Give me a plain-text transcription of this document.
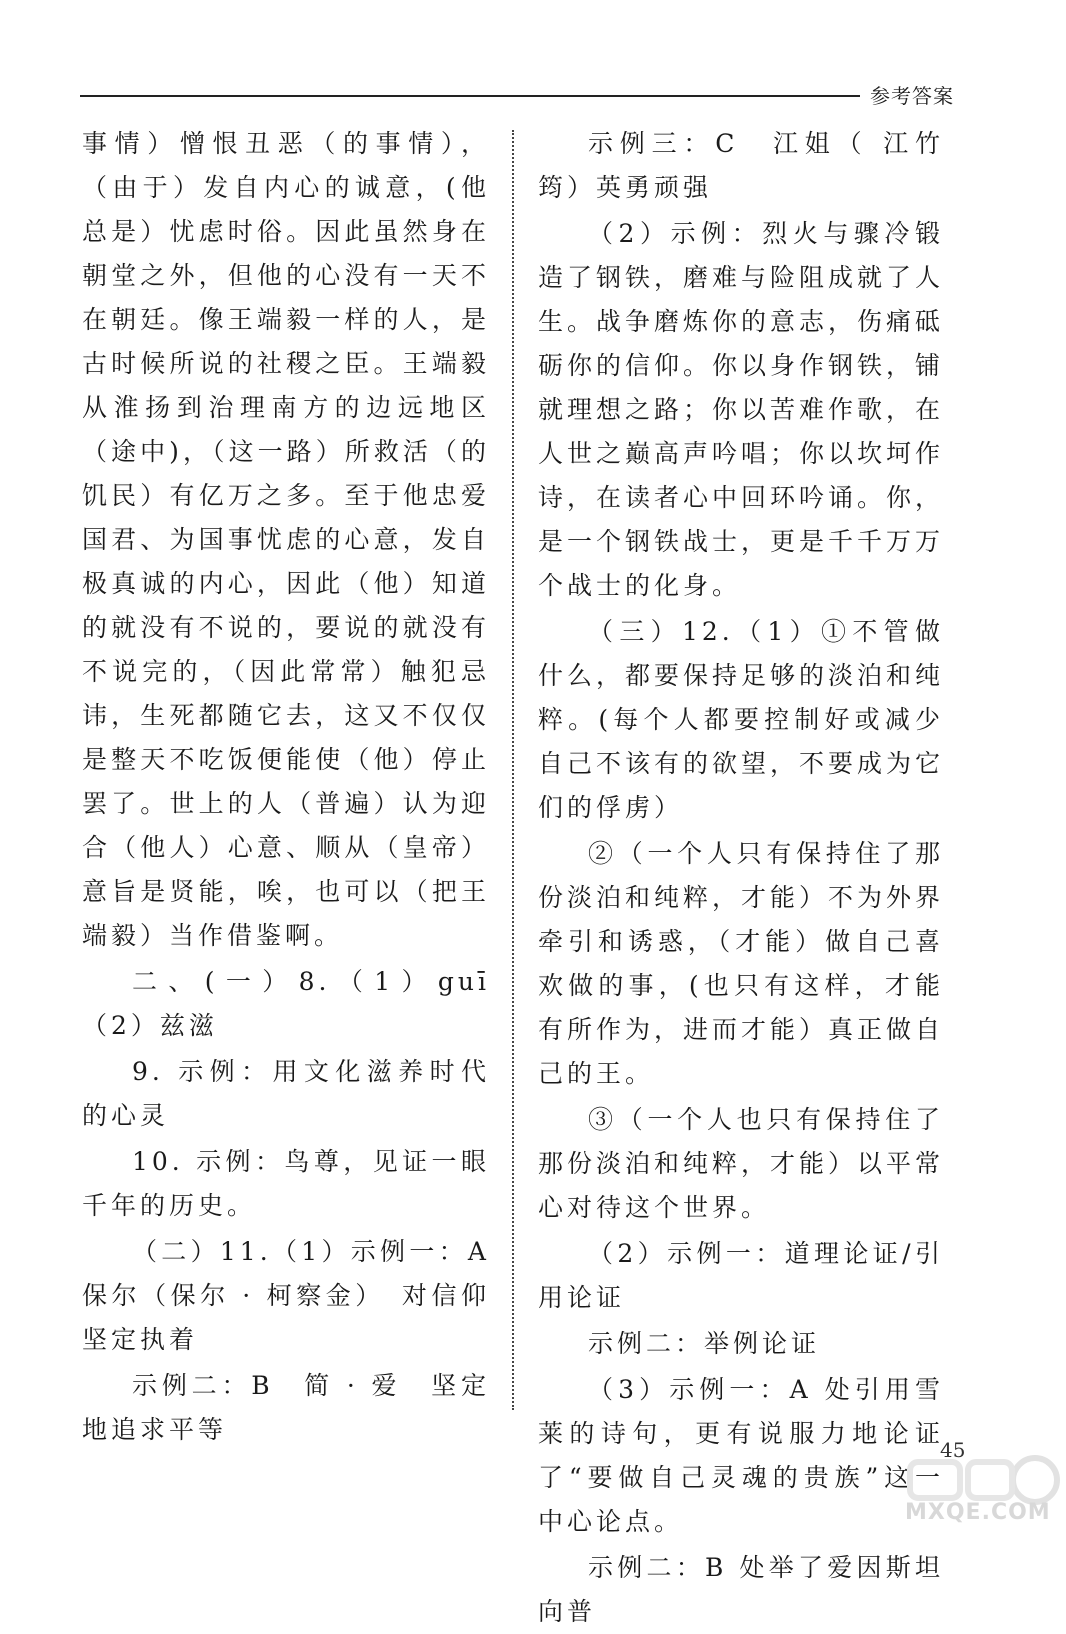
参考答案

事情）憎恨丑恶（的事情），（由于）发自内心的诚意，(他总是）忧虑时俗。因此虽然身在朝堂之外，但他的心没有一天不在朝廷。像王端毅一样的人，是古时候所说的社稷之臣。王端毅从淮扬到治理南方的边远地区（途中)，（这一路）所救活（的饥民）有亿万之多。至于他忠爱国君、为国事忧虑的心意，发自极真诚的内心，因此（他）知道的就没有不说的，要说的就没有不说完的，（因此常常）触犯忌讳，生死都随它去，这又不仅仅是整天不吃饭便能使（他）停止罢了。世上的人（普遍）认为迎合（他人）心意、顺从（皇帝）意旨是贤能，唉，也可以（把王端毅）当作借鉴啊。

二、(一）8.（1）guī　（2）兹滋

9. 示例：用文化滋养时代的心灵

10. 示例：鸟尊，见证一眼千年的历史。

（二）11.（1）示例一：A　保尔（保尔 · 柯察金）　对信仰坚定执着

示例二：B　简 · 爱　坚定地追求平等

示例三：C　江姐（ 江竹筠）英勇顽强

（2）示例：烈火与骤冷锻造了钢铁，磨难与险阻成就了人生。战争磨炼你的意志，伤痛砥砺你的信仰。你以身作钢铁，铺就理想之路；你以苦难作歌，在人世之巅高声吟唱；你以坎坷作诗，在读者心中回环吟诵。你，是一个钢铁战士，更是千千万万个战士的化身。

（三）12.（1）①不管做什么，都要保持足够的淡泊和纯粹。(每个人都要控制好或减少自己不该有的欲望，不要成为它们的俘虏）

②（一个人只有保持住了那份淡泊和纯粹，才能）不为外界牵引和诱惑，（才能）做自己喜欢做的事，(也只有这样，才能有所作为，进而才能）真正做自己的王。

③（一个人也只有保持住了那份淡泊和纯粹，才能）以平常心对待这个世界。

（2）示例一：道理论证/引用论证

示例二：举例论证

（3）示例一：A 处引用雪莱的诗句，更有说服力地论证了“要做自己灵魂的贵族”这一中心论点。

示例二：B 处举了爱因斯坦向普

45
MXQE.COM
